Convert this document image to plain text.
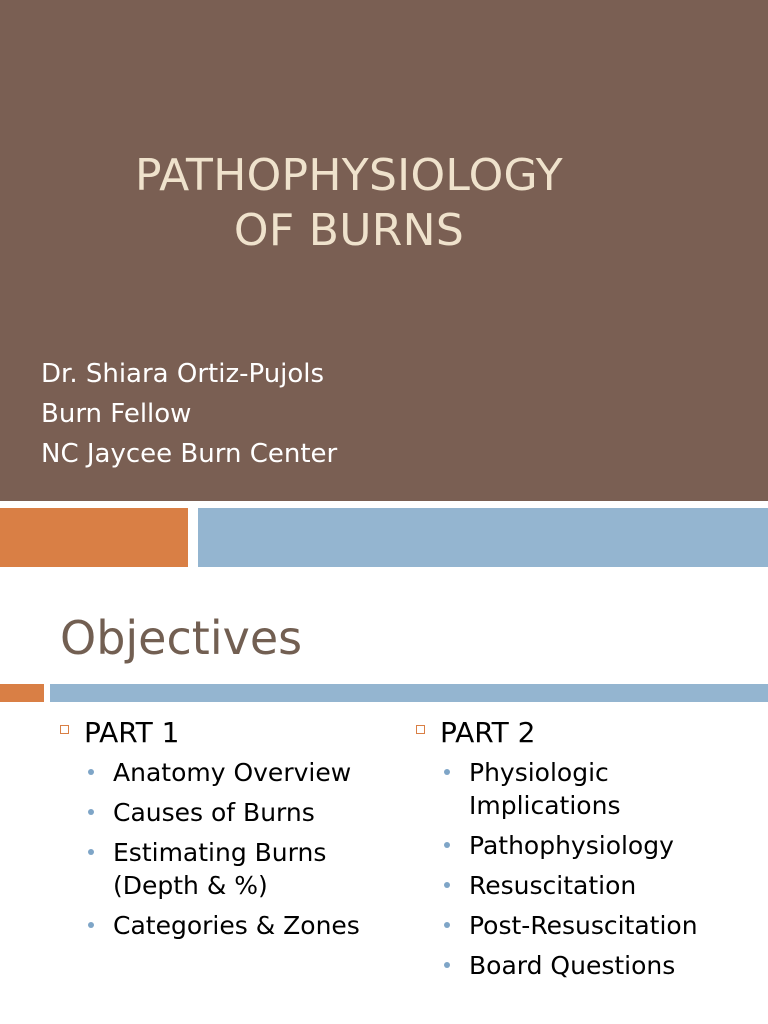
PATHOPHYSIOLOGY
OF BURNS
Dr. Shiara Ortiz-Pujols
Burn Fellow
NC Jaycee Burn Center
Objectives
PART 1
Anatomy Overview
Causes of Burns
Estimating Burns (Depth & %)
Categories & Zones
PART 2
Physiologic Implications
Pathophysiology
Resuscitation
Post-Resuscitation
Board Questions
